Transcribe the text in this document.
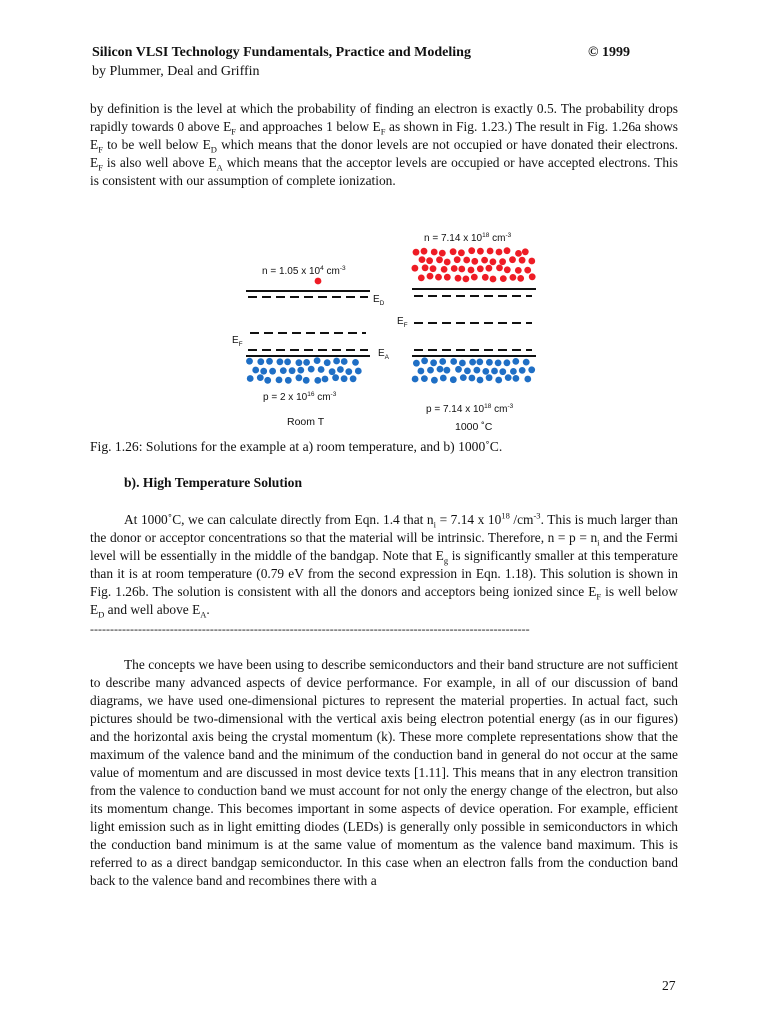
Silicon VLSI Technology Fundamentals, Practice and Modeling	© 1999
by Plummer, Deal and Griffin

by definition is the level at which the probability of finding an electron is exactly 0.5. The probability drops rapidly towards 0 above $E_F$ and approaches 1 below $E_F$ as shown in Fig. 1.23.) The result in Fig. 1.26a shows $E_F$ to be well below $E_D$ which means that the donor levels are not occupied or have donated their electrons. $E_F$ is also well above $E_A$ which means that the acceptor levels are occupied or have accepted electrons. This is consistent with our assumption of complete ionization.

n = 1.05 x $10^4$ $cm^{-3}$
$E_D$
$E_F$
$E_A$
p = 2 x $10^{16}$ $cm^{-3}$
Room T
n = 7.14 x $10^{18}$ $cm^{-3}$
$E_F$
p = 7.14 x $10^{18}$ $cm^{-3}$
1000 ˚C
Fig. 1.26: Solutions for the example at a) room temperature, and b) 1000˚C.
b). High Temperature Solution

At 1000˚C, we can calculate directly from Eqn. 1.4 that $n_i = 7.14$ x $10^{18}$ $/cm^{-3}$. This is much larger than the donor or acceptor concentrations so that the material will be intrinsic. Therefore, $n = p = n_i$ and the Fermi level will be essentially in the middle of the bandgap. Note that $E_g$ is significantly smaller at this temperature than it is at room temperature (0.79 eV from the second expression in Eqn. 1.18). This solution is shown in Fig. 1.26b. The solution is consistent with all the donors and acceptors being ionized since $E_F$ is well below $E_D$ and well above $E_A$.

--------------------------------------------------------------------------------------------------------------

The concepts we have been using to describe semiconductors and their band structure are not sufficient to describe many advanced aspects of device performance. For example, in all of our discussion of band diagrams, we have used one-dimensional pictures to represent the material properties. In actual fact, such pictures should be two-dimensional with the vertical axis being electron potential energy (as in our figures) and the horizontal axis being the crystal momentum (k). These more complete representations show that the maximum of the valence band and the minimum of the conduction band in general do not occur at the same value of momentum and are discussed in most device texts [1.11]. This means that in any electron transition from the valence to conduction band we must account for not only the energy change of the electron, but also its momentum change. This becomes important in some aspects of device operation. For example, efficient light emission such as in light emitting diodes (LEDs) is generally only possible in semiconductors in which the conduction band minimum is at the same value of momentum as the valence band maximum. This is referred to as a direct bandgap semiconductor. In this case when an electron falls from the conduction band back to the valence band and recombines there with a

27
